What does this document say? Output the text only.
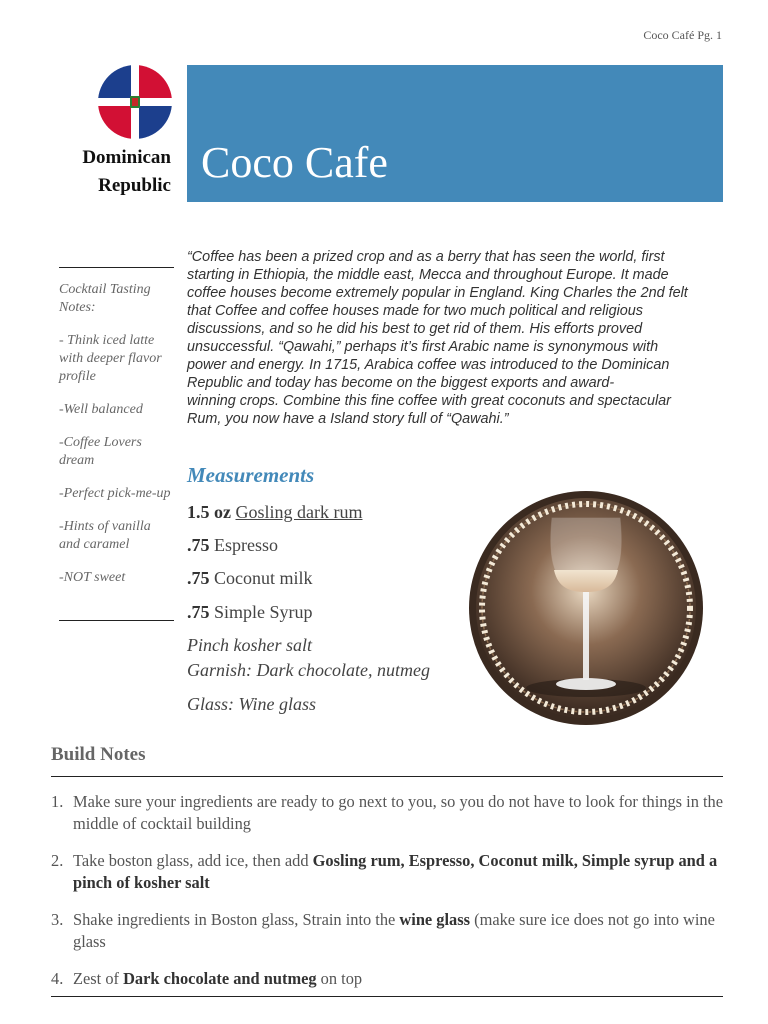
Coco Café Pg. 1
Dominican
Republic Coco Cafe

Cocktail Tasting
Notes:

- Think iced latte with deeper flavor profile

-Well balanced

-Coffee Lovers dream

-Perfect pick-me-up

-Hints of vanilla and caramel

-NOT sweet

“Coffee has been a prized crop and as a berry that has seen the world, first
starting in Ethiopia, the middle east, Mecca and throughout Europe. It made
coffee houses become extremely popular in England. King Charles the 2nd felt
that Coffee and coffee houses made for two much political and religious
discussions, and so he did his best to get rid of them. His efforts proved
unsuccessful. “Qawahi,” perhaps it’s first Arabic name is synonymous with
power and energy. In 1715, Arabica coffee was introduced to the Dominican
Republic and today has become on the biggest exports and award-
winning crops. Combine this fine coffee with great coconuts and spectacular
Rum, you now have a Island story full of “Qawahi.”
Measurements
1.5 oz Gosling dark rum
.75 Espresso
.75 Coconut milk
.75 Simple Syrup
Pinch kosher salt
Garnish: Dark chocolate, nutmeg
Glass: Wine glass
Build Notes
1. Make sure your ingredients are ready to go next to you, so you do not have to look for things in the middle of cocktail building
2. Take boston glass, add ice, then add Gosling rum, Espresso, Coconut milk, Simple syrup and a pinch of kosher salt
3. Shake ingredients in Boston glass, Strain into the wine glass (make sure ice does not go into wine glass
4. Zest of Dark chocolate and nutmeg on top
